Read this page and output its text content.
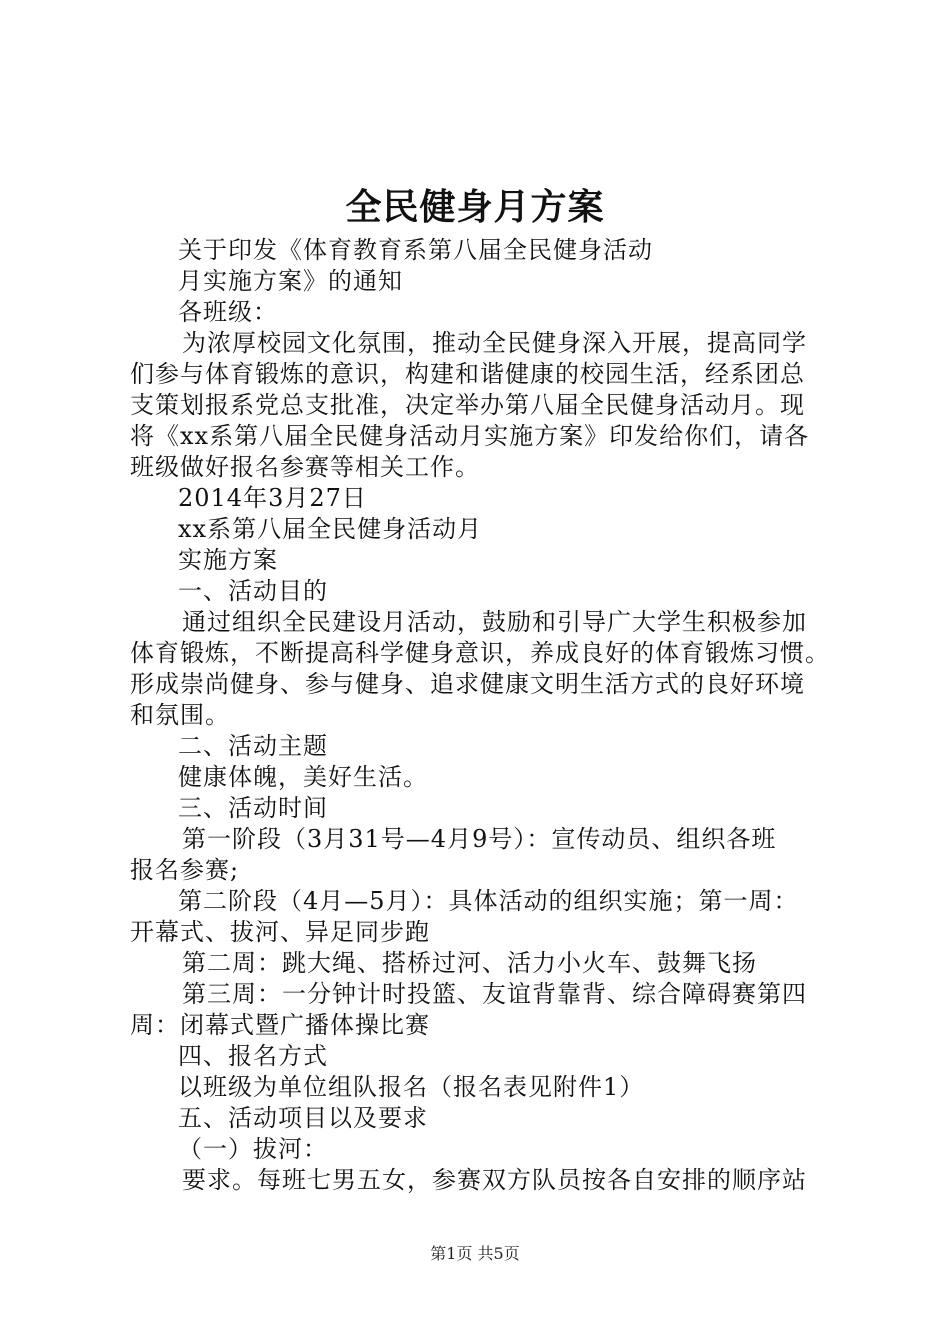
全民健身月方案

关于印发《体育教育系第八届全民健身活动

月实施方案》的通知

各班级：

为浓厚校园文化氛围，推动全民健身深入开展，提高同学

们参与体育锻炼的意识，构建和谐健康的校园生活，经系团总

支策划报系党总支批准，决定举办第八届全民健身活动月。现

将《xx系第八届全民健身活动月实施方案》印发给你们，请各

班级做好报名参赛等相关工作。

2014年3月27日

xx系第八届全民健身活动月

实施方案

一、活动目的

通过组织全民建设月活动，鼓励和引导广大学生积极参加

体育锻炼，不断提高科学健身意识，养成良好的体育锻炼习惯。

形成崇尚健身、参与健身、追求健康文明生活方式的良好环境

和氛围。

二、活动主题

健康体魄，美好生活。

三、活动时间

第一阶段（3月31号—4月9号）：宣传动员、组织各班

报名参赛;

第二阶段（4月—5月）：具体活动的组织实施；第一周：

开幕式、拔河、异足同步跑

第二周：跳大绳、搭桥过河、活力小火车、鼓舞飞扬

第三周：一分钟计时投篮、友谊背靠背、综合障碍赛第四

周：闭幕式暨广播体操比赛

四、报名方式

以班级为单位组队报名（报名表见附件1）

五、活动项目以及要求

（一）拔河：

要求。每班七男五女，参赛双方队员按各自安排的顺序站

第1页 共5页
